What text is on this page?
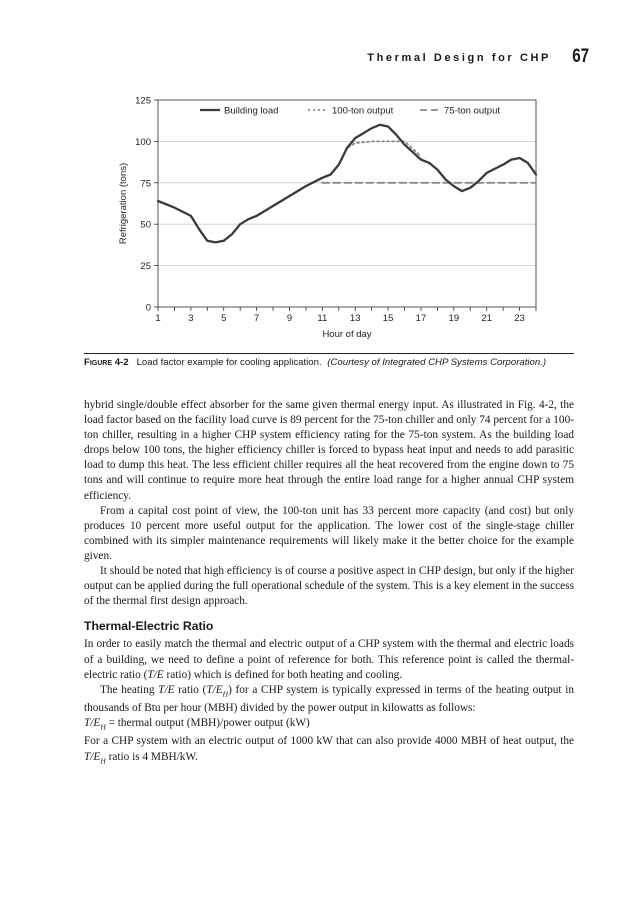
Thermal Design for CHP 67
0
25
50
75
100
125
1	3	5	7	9	11 13 15 17 19 21 23
Hour of day
Refrigeration (tons)
Building load	100-ton output	75-ton output
Figure 4-2 Load factor example for cooling application. (Courtesy of Integrated CHP Systems Corporation.)

hybrid single/double effect absorber for the same given thermal energy input. As illustrated in Fig. 4-2, the load factor based on the facility load curve is 89 percent for the 75-ton chiller and only 74 percent for a 100-ton chiller, resulting in a higher CHP system efficiency rating for the 75-ton system. As the building load drops below 100 tons, the higher efficiency chiller is forced to bypass heat input and needs to add parasitic load to dump this heat. The less efficient chiller requires all the heat recovered from the engine down to 75 tons and will continue to require more heat through the entire load range for a higher annual CHP system efficiency.

From a capital cost point of view, the 100-ton unit has 33 percent more capacity (and cost) but only produces 10 percent more useful output for the application. The lower cost of the single-stage chiller combined with its simpler maintenance requirements will likely make it the better choice for the example given.

It should be noted that high efficiency is of course a positive aspect in CHP design, but only if the higher output can be applied during the full operational schedule of the system. This is a key element in the success of the thermal first design approach.

Thermal-Electric Ratio

In order to easily match the thermal and electric output of a CHP system with the thermal and electric loads of a building, we need to define a point of reference for both. This reference point is called the thermal-electric ratio (T/E ratio) which is defined for both heating and cooling.

The heating T/E ratio $(T/E_H)$ for a CHP system is typically expressed in terms of the heating output in thousands of Btu per hour (MBH) divided by the power output in kilowatts as follows:

$T/E_H$ = thermal output (MBH)/power output (kW)

For a CHP system with an electric output of 1000 kW that can also provide 4000 MBH of heat output, the $T/E_H$ ratio is 4 MBH/kW.
